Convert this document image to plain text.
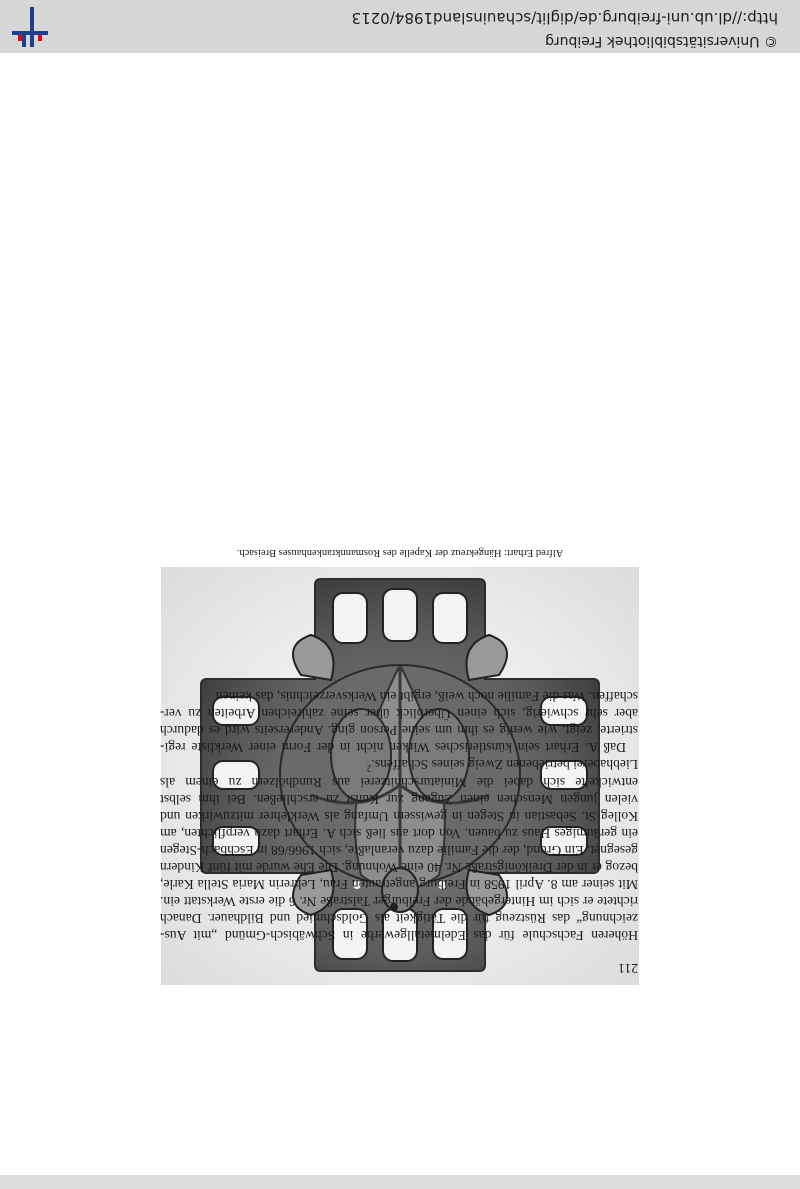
Alfred Erhart: Hängekreuz der Kapelle des Rosmannkrankenhauses Breisach.
211

Höheren Fachschule für das Edelmetallgewerbe in Schwäbisch-Gmünd „mit Aus- zeichnung“ das Rüstzeug für die Tätigkeit als Goldschmied und Bildhauer. Danach richtete er sich im Hintergebäude der Freiburger Talstraße Nr. 6 die erste Werkstatt ein. Mit seiner am 8. April 1958 in Freiburg angetrauten Frau, Lehrerin Maria Stella Karle, bezog er in der Dreikönigstraße Nr. 40 eine Wohnung. Die Ehe wurde mit fünf Kindern gesegnet. Ein Grund, der die Familie dazu veranlaßte, sich 1966/68 in Eschbach-Stegen ein geräumiges Haus zu bauen. Von dort aus ließ sich A. Erhart dazu verpflichten, am Kolleg St. Sebastian in Stegen in gewissem Umfang als Werklehrer mitzuwirken und vielen jungen Menschen einen Zugang zur Kunst zu erschließen. Bei ihm selbst entwickelte sich dabei die Miniaturschnitzerei aus Rundhölzern zu einem als Liebhaberei betriebenen Zweig seines Schaffens.$^2$

Daß A. Erhart sein künstlerisches Wirken nicht in der Form einer Werkliste regi- strierte, zeigt, wie wenig es ihm um seine Person ging. Andererseits wird es dadurch aber sehr schwierig, sich einen Überblick über seine zahlreichen Arbeiten zu ver- schaffen. Was die Familie noch weiß, ergibt ein Werksverzeichnis, das keinen

© Universitätsbibliothek Freiburg
http://dl.ub.uni-freiburg.de/diglit/schauinsland1984/0213
